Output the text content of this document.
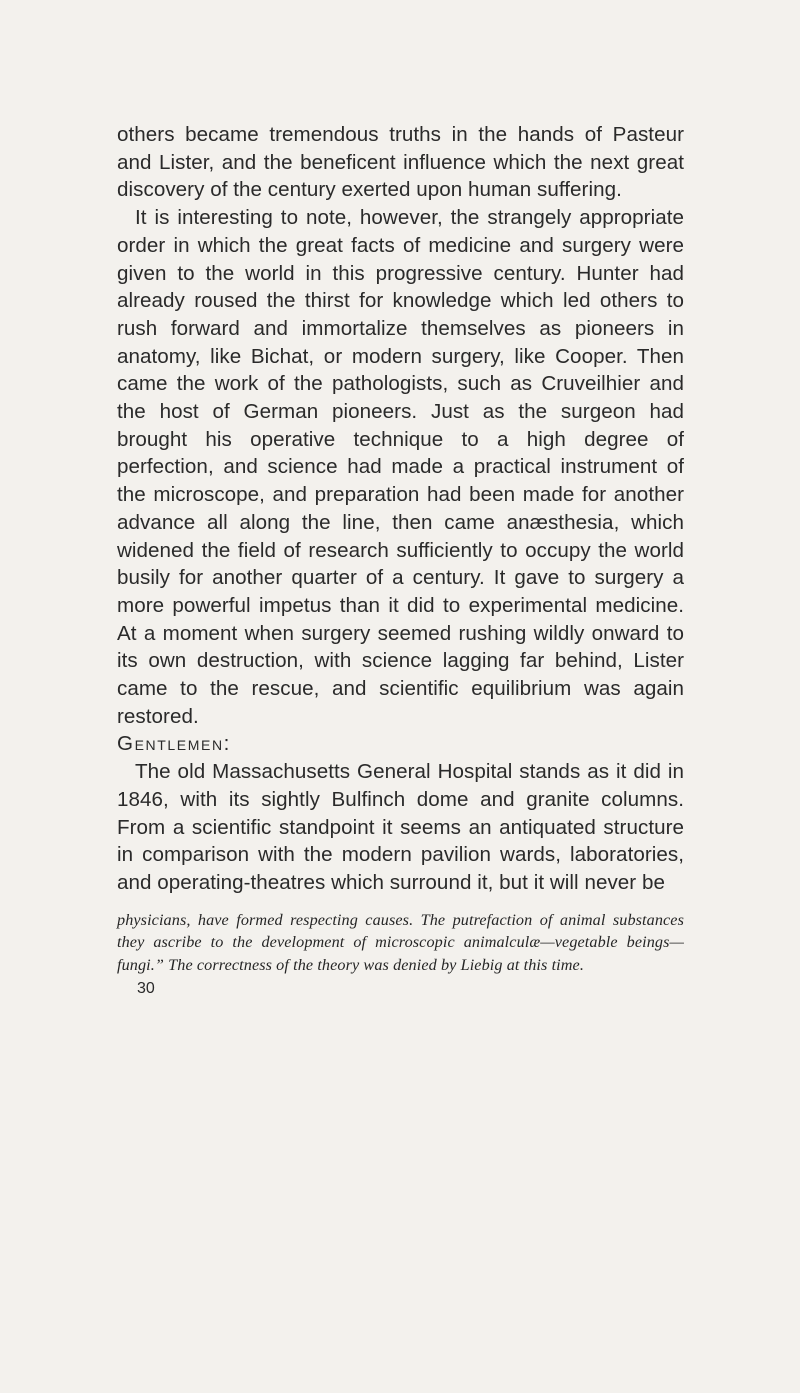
others became tremendous truths in the hands of Pasteur and Lister, and the beneficent influence which the next great discovery of the century exerted upon human suffering.

It is interesting to note, however, the strangely appropriate order in which the great facts of medicine and surgery were given to the world in this progressive century. Hunter had already roused the thirst for knowledge which led others to rush forward and immortalize themselves as pioneers in anatomy, like Bichat, or modern surgery, like Cooper. Then came the work of the pathologists, such as Cruveilhier and the host of German pioneers. Just as the surgeon had brought his operative technique to a high degree of perfection, and science had made a practical instrument of the microscope, and preparation had been made for another advance all along the line, then came anæsthesia, which widened the field of research sufficiently to occupy the world busily for another quarter of a century. It gave to surgery a more powerful impetus than it did to experimental medicine. At a moment when surgery seemed rushing wildly onward to its own destruction, with science lagging far behind, Lister came to the rescue, and scientific equilibrium was again restored.

Gentlemen:

The old Massachusetts General Hospital stands as it did in 1846, with its sightly Bulfinch dome and granite columns. From a scientific standpoint it seems an antiquated structure in comparison with the modern pavilion wards, laboratories, and operating-theatres which surround it, but it will never be

physicians, have formed respecting causes. The putrefaction of animal substances they ascribe to the development of microscopic animalculæ—vegetable beings—fungi.” The correctness of the theory was denied by Liebig at this time.
30
